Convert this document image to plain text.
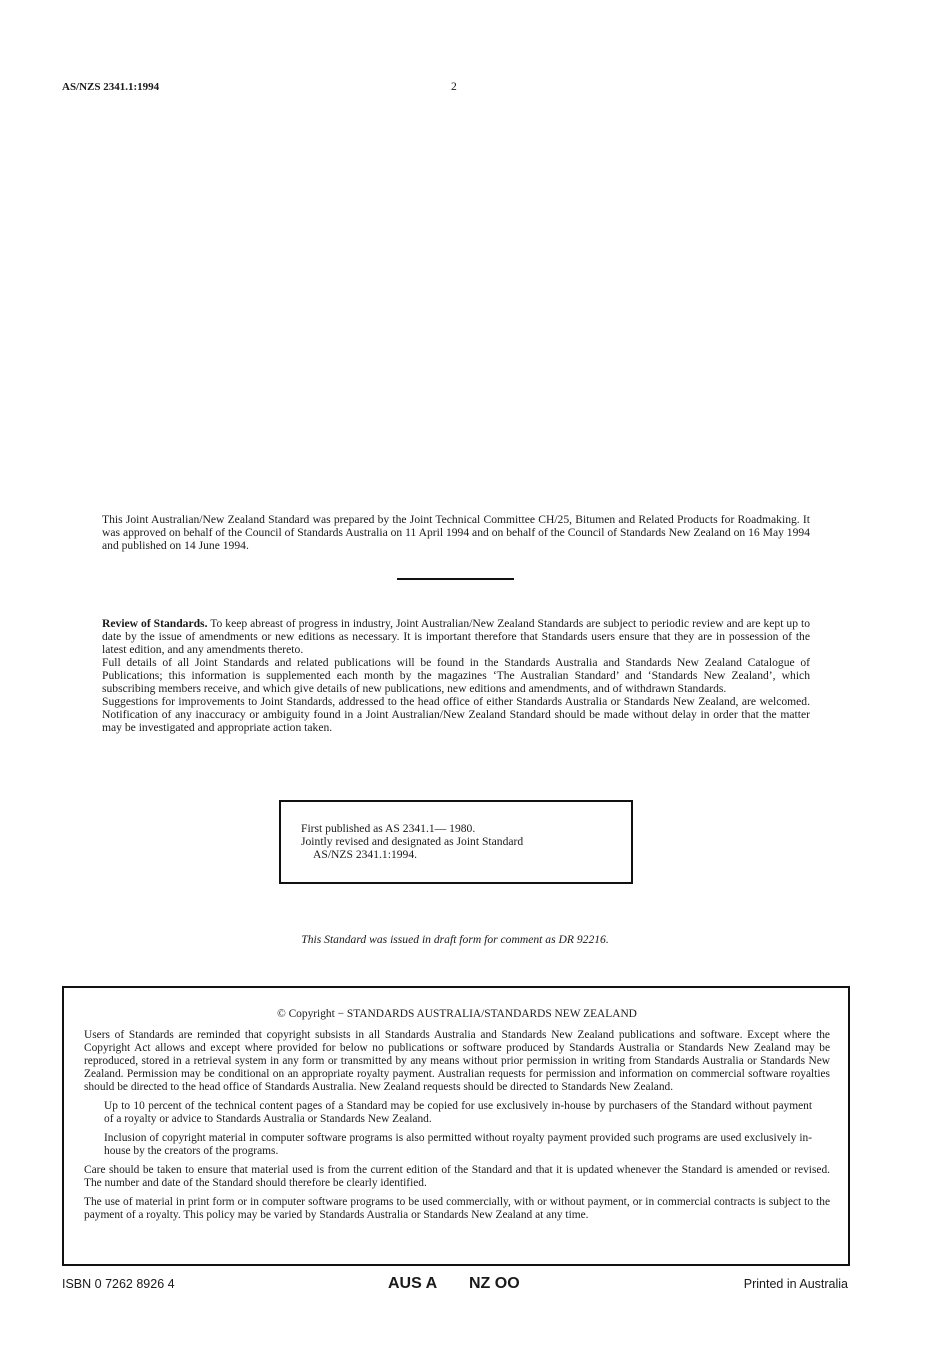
AS/NZS 2341.1:1994	2
This Joint Australian/New Zealand Standard was prepared by the Joint Technical Committee CH/25, Bitumen and Related Products for Roadmaking. It was approved on behalf of the Council of Standards Australia on 11 April 1994 and on behalf of the Council of Standards New Zealand on 16 May 1994 and published on 14 June 1994.

Review of Standards. To keep abreast of progress in industry, Joint Australian/New Zealand Standards are subject to periodic review and are kept up to date by the issue of amendments or new editions as necessary. It is important therefore that Standards users ensure that they are in possession of the latest edition, and any amendments thereto.

Full details of all Joint Standards and related publications will be found in the Standards Australia and Standards New Zealand Catalogue of Publications; this information is supplemented each month by the magazines ‘The Australian Standard’ and ‘Standards New Zealand’, which subscribing members receive, and which give details of new publications, new editions and amendments, and of withdrawn Standards.

Suggestions for improvements to Joint Standards, addressed to the head office of either Standards Australia or Standards New Zealand, are welcomed. Notification of any inaccuracy or ambiguity found in a Joint Australian/New Zealand Standard should be made without delay in order that the matter may be investigated and appropriate action taken.

First published as AS 2341.1— 1980.
Jointly revised and designated as Joint Standard
AS/NZS 2341.1:1994.
This Standard was issued in draft form for comment as DR 92216.

© Copyright − STANDARDS AUSTRALIA/STANDARDS NEW ZEALAND

Users of Standards are reminded that copyright subsists in all Standards Australia and Standards New Zealand publications and software. Except where the Copyright Act allows and except where provided for below no publications or software produced by Standards Australia or Standards New Zealand may be reproduced, stored in a retrieval system in any form or transmitted by any means without prior permission in writing from Standards Australia or Standards New Zealand. Permission may be conditional on an appropriate royalty payment. Australian requests for permission and information on commercial software royalties should be directed to the head office of Standards Australia. New Zealand requests should be directed to Standards New Zealand.

Up to 10 percent of the technical content pages of a Standard may be copied for use exclusively in-house by purchasers of the Standard without payment of a royalty or advice to Standards Australia or Standards New Zealand.

Inclusion of copyright material in computer software programs is also permitted without royalty payment provided such programs are used exclusively in-house by the creators of the programs.

Care should be taken to ensure that material used is from the current edition of the Standard and that it is updated whenever the Standard is amended or revised. The number and date of the Standard should therefore be clearly identified.

The use of material in print form or in computer software programs to be used commercially, with or without payment, or in commercial contracts is subject to the payment of a royalty. This policy may be varied by Standards Australia or Standards New Zealand at any time.

ISBN 0 7262 8926 4	AUS A NZ OO	Printed in Australia
